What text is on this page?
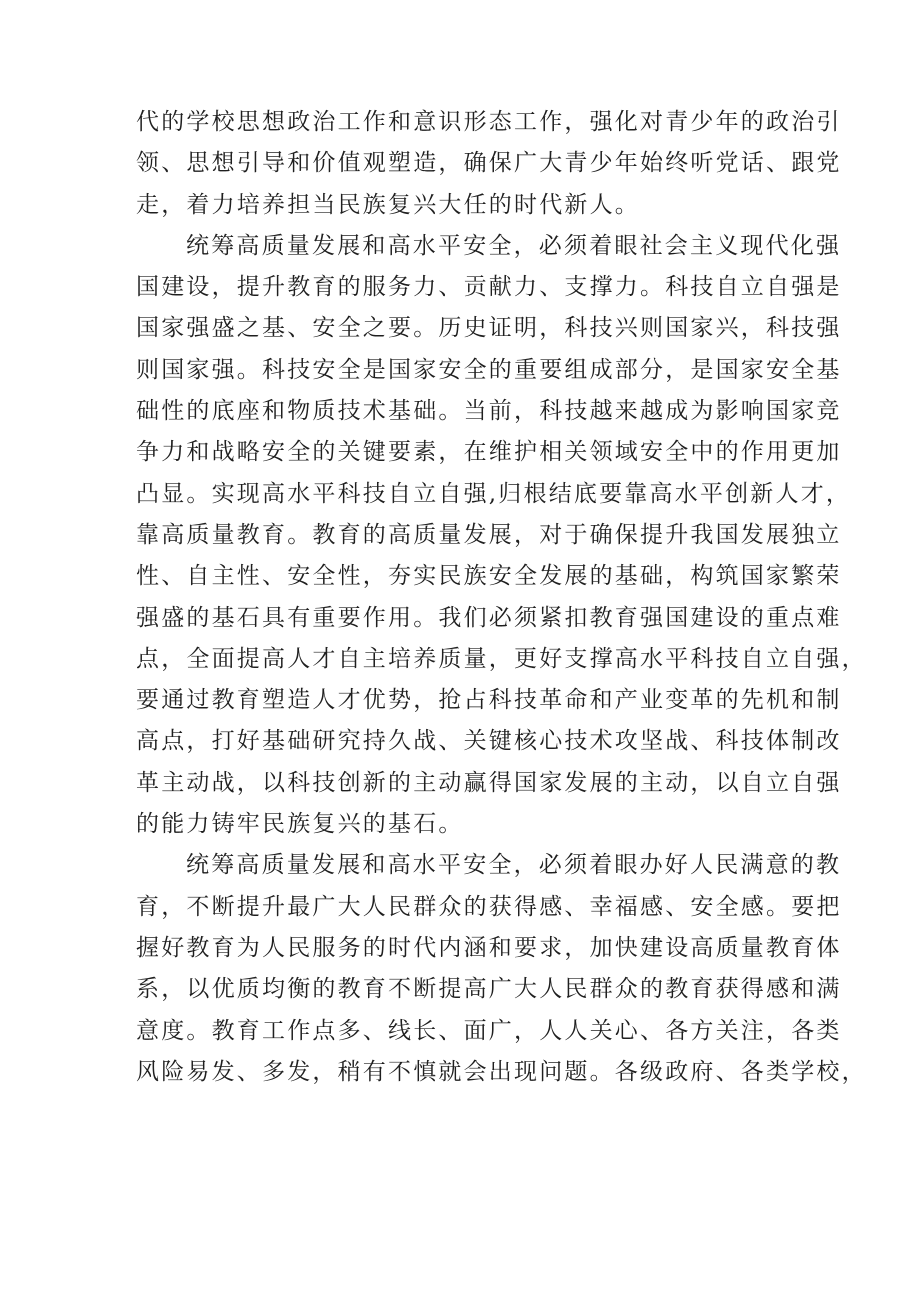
代的学校思想政治工作和意识形态工作，强化对青少年的政治引
领、思想引导和价值观塑造，确保广大青少年始终听党话、跟党
走，着力培养担当民族复兴大任的时代新人。
统筹高质量发展和高水平安全，必须着眼社会主义现代化强
国建设，提升教育的服务力、贡献力、支撑力。科技自立自强是
国家强盛之基、安全之要。历史证明，科技兴则国家兴，科技强
则国家强。科技安全是国家安全的重要组成部分，是国家安全基
础性的底座和物质技术基础。当前，科技越来越成为影响国家竞
争力和战略安全的关键要素，在维护相关领域安全中的作用更加
凸显。实现高水平科技自立自强,归根结底要靠高水平创新人才，
靠高质量教育。教育的高质量发展，对于确保提升我国发展独立
性、自主性、安全性，夯实民族安全发展的基础，构筑国家繁荣
强盛的基石具有重要作用。我们必须紧扣教育强国建设的重点难
点，全面提高人才自主培养质量，更好支撑高水平科技自立自强，
要通过教育塑造人才优势，抢占科技革命和产业变革的先机和制
高点，打好基础研究持久战、关键核心技术攻坚战、科技体制改
革主动战，以科技创新的主动赢得国家发展的主动，以自立自强
的能力铸牢民族复兴的基石。
统筹高质量发展和高水平安全，必须着眼办好人民满意的教
育，不断提升最广大人民群众的获得感、幸福感、安全感。要把
握好教育为人民服务的时代内涵和要求，加快建设高质量教育体
系，以优质均衡的教育不断提高广大人民群众的教育获得感和满
意度。教育工作点多、线长、面广，人人关心、各方关注，各类
风险易发、多发，稍有不慎就会出现问题。各级政府、各类学校，
